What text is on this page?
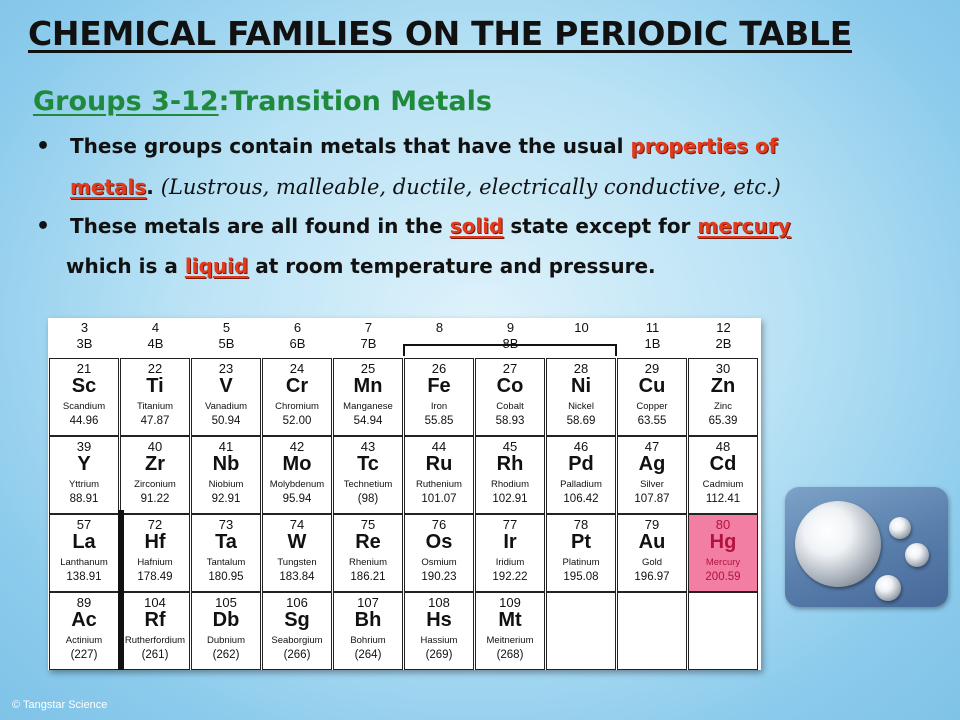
CHEMICAL FAMILIES ON THE PERIODIC TABLE
Groups 3-12:Transition Metals
• These groups contain metals that have the usual properties of
metals. (Lustrous, malleable, ductile, electrically conductive, etc.)
• These metals are all found in the solid state except for mercury
which is a liquid at room temperature and pressure.
3
3B
4
4B
5
5B
6
6B
7
7B
8	9
8B
10	11
1B
12
2B
21
Sc
Scandium
44.96
22
Ti
Titanium
47.87
23
V
Vanadium
50.94
24
Cr
Chromium
52.00
25
Mn
Manganese
54.94
26
Fe
Iron
55.85
27
Co
Cobalt
58.93
28
Ni
Nickel
58.69
29
Cu
Copper
63.55
30
Zn
Zinc
65.39
39
Y
Yttrium
88.91
40
Zr
Zirconium
91.22
41
Nb
Niobium
92.91
42
Mo
Molybdenum
95.94
43
Tc
Technetium
(98)
44
Ru
Ruthenium
101.07
45
Rh
Rhodium
102.91
46
Pd
Palladium
106.42
47
Ag
Silver
107.87
48
Cd
Cadmium
112.41
57
La
Lanthanum
138.91
72
Hf
Hafnium
178.49
73
Ta
Tantalum
180.95
74
W
Tungsten
183.84
75
Re
Rhenium
186.21
76
Os
Osmium
190.23
77
Ir
Iridium
192.22
78
Pt
Platinum
195.08
79
Au
Gold
196.97
80
Hg
Mercury
200.59
89
Ac
Actinium
(227)
104
Rf
Rutherfordium
(261)
105
Db
Dubnium
(262)
106
Sg
Seaborgium
(266)
107
Bh
Bohrium
(264)
108
Hs
Hassium
(269)
109
Mt
Meitnerium
(268)
© Tangstar Science
